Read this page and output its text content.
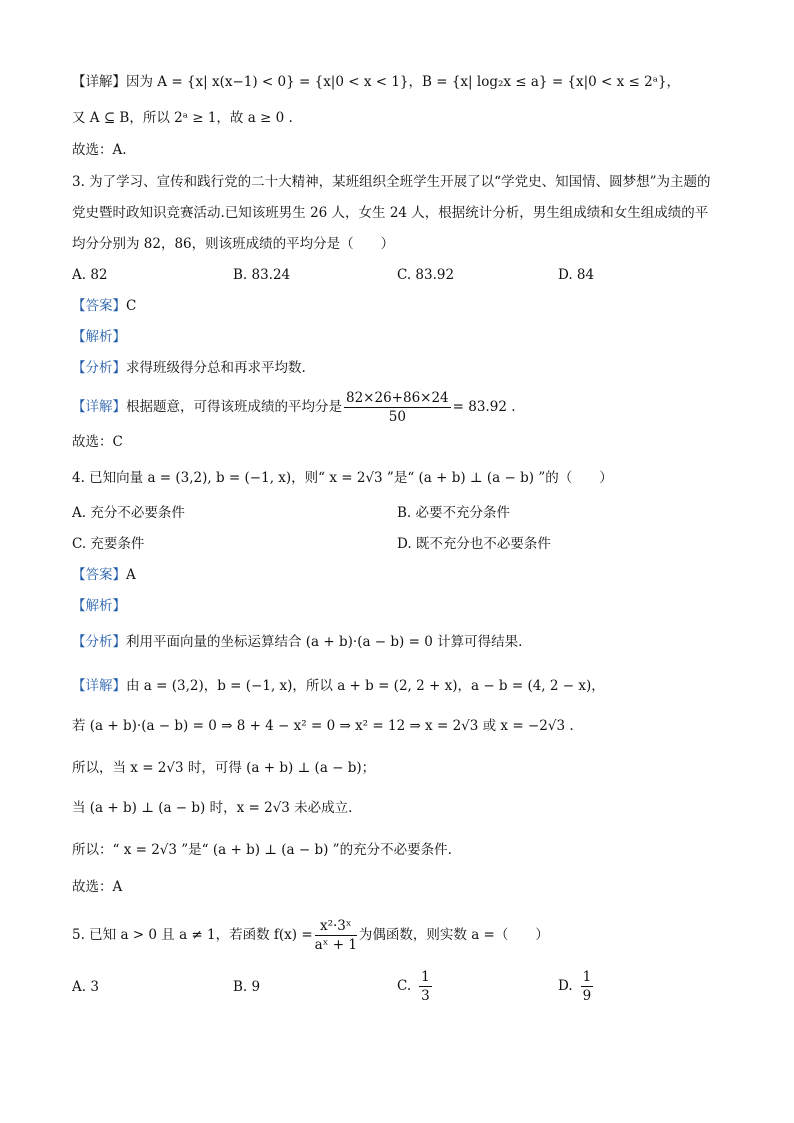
【详解】因为 A = {x| x(x−1) < 0} = {x|0 < x < 1}，B = {x| log₂x ≤ a} = {x|0 < x ≤ 2ᵃ}，
又 A ⊆ B，所以 2ᵃ ≥ 1，故 a ≥ 0 .
故选：A.
3. 为了学习、宣传和践行党的二十大精神，某班组织全班学生开展了以“学党史、知国情、圆梦想”为主题的
党史暨时政知识竞赛活动.已知该班男生 26 人，女生 24 人，根据统计分析，男生组成绩和女生组成绩的平
均分分别为 82，86，则该班成绩的平均分是（　　）
A. 82	B. 83.24	C. 83.92	D. 84
【答案】C
【解析】
【分析】求得班级得分总和再求平均数.
【详解】根据题意，可得该班成绩的平均分是 $\frac{82\times 26+86\times 24}{50} = 83.92$ .
故选：C
4. 已知向量 a = (3,2), b = (−1, x)，则“ x = 2√3 ”是“ (a + b) ⊥ (a − b) ”的（　　）
A. 充分不必要条件	B. 必要不充分条件
C. 充要条件	D. 既不充分也不必要条件
【答案】A
【解析】
【分析】利用平面向量的坐标运算结合 (a + b)·(a − b) = 0 计算可得结果.
【详解】由 a = (3,2)，b = (−1, x)，所以 a + b = (2, 2 + x)，a − b = (4, 2 − x)，
若 (a + b)·(a − b) = 0 ⇒ 8 + 4 − x² = 0 ⇒ x² = 12 ⇒ x = 2√3 或 x = −2√3 .
所以，当 x = 2√3 时，可得 (a + b) ⊥ (a − b)；
当 (a + b) ⊥ (a − b) 时，x = 2√3 未必成立.
所以：“ x = 2√3 ”是“ (a + b) ⊥ (a − b) ”的充分不必要条件.
故选：A
5. 已知 a > 0 且 a ≠ 1，若函数 $f(x) = \frac{\text{x²·3ˣ}}{\text{aˣ + 1}}$ 为偶函数，则实数 a =（　　）
A. 3	B. 9	C. $\frac{1}{3}$	D. $\frac{1}{9}$
